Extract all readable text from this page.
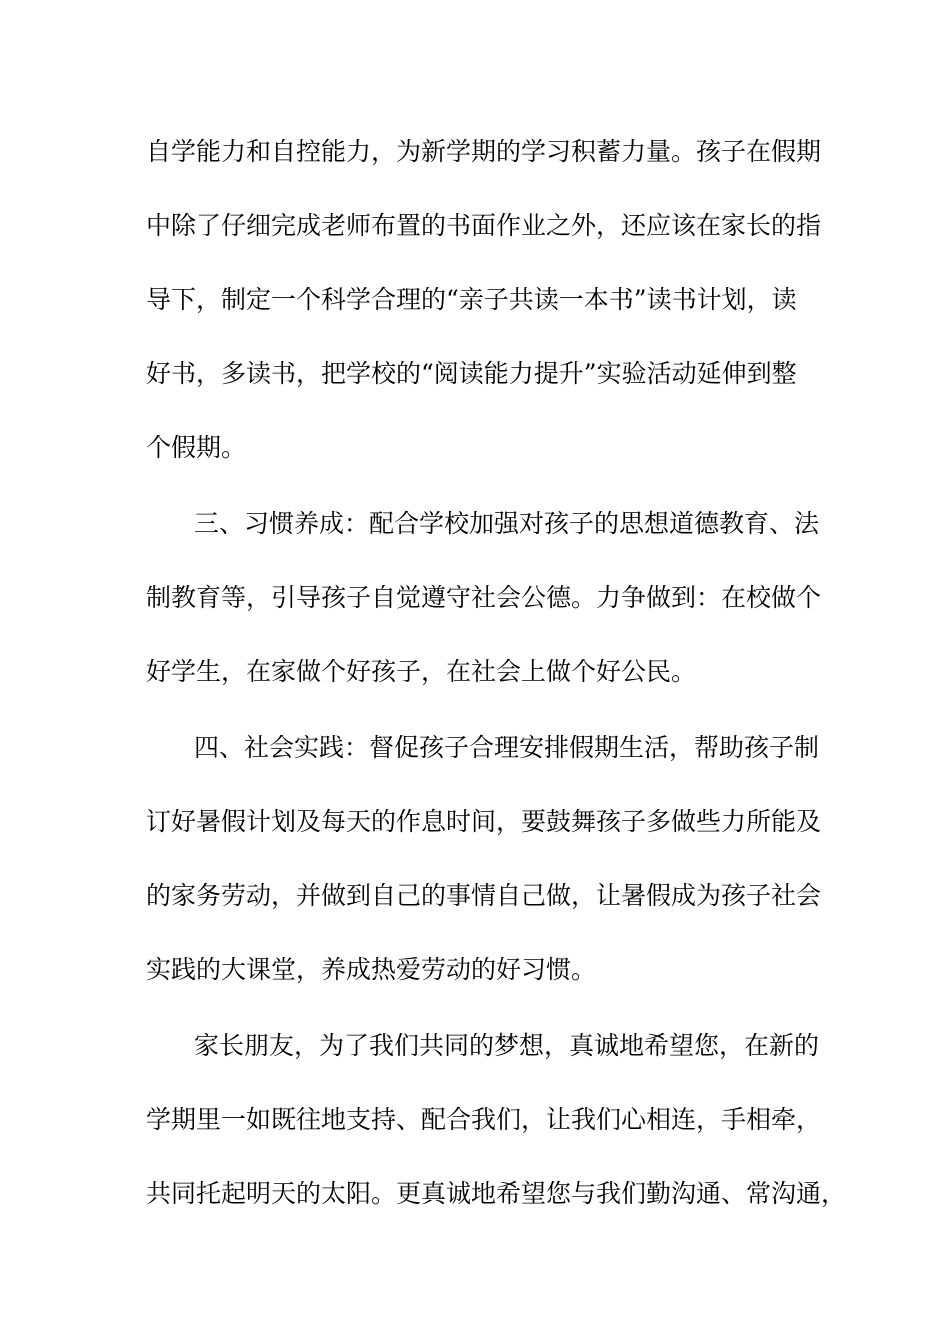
自学能力和自控能力，为新学期的学习积蓄力量。孩子在假期
中除了仔细完成老师布置的书面作业之外，还应该在家长的指
导下，制定一个科学合理的“亲子共读一本书”读书计划，读
好书，多读书，把学校的“阅读能力提升”实验活动延伸到整
个假期。
三、习惯养成：配合学校加强对孩子的思想道德教育、法
制教育等，引导孩子自觉遵守社会公德。力争做到：在校做个
好学生，在家做个好孩子，在社会上做个好公民。
四、社会实践：督促孩子合理安排假期生活，帮助孩子制
订好暑假计划及每天的作息时间，要鼓舞孩子多做些力所能及
的家务劳动，并做到自己的事情自己做，让暑假成为孩子社会
实践的大课堂，养成热爱劳动的好习惯。
家长朋友，为了我们共同的梦想，真诚地希望您，在新的
学期里一如既往地支持、配合我们，让我们心相连，手相牵，
共同托起明天的太阳。更真诚地希望您与我们勤沟通、常沟通，
